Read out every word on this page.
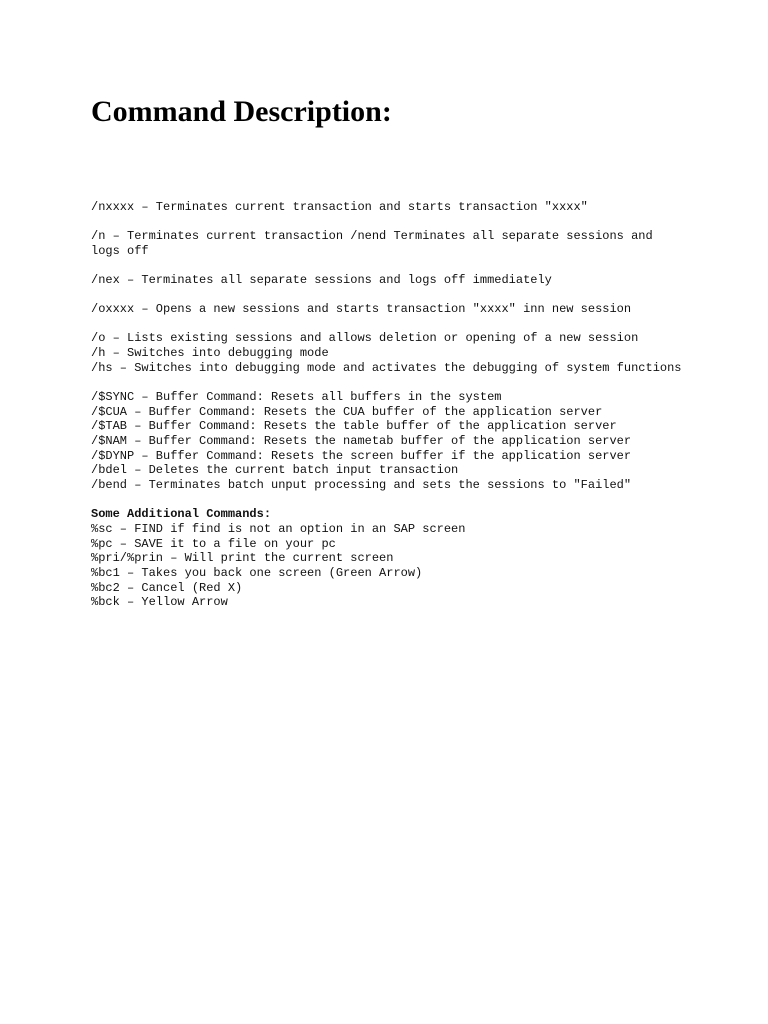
Command Description:

/nxxxx – Terminates current transaction and starts transaction "xxxx"

/n – Terminates current transaction /nend Terminates all separate sessions and logs off

/nex – Terminates all separate sessions and logs off immediately

/oxxxx – Opens a new sessions and starts transaction "xxxx" inn new session

/o – Lists existing sessions and allows deletion or opening of a new session

/h – Switches into debugging mode

/hs – Switches into debugging mode and activates the debugging of system functions

/$SYNC – Buffer Command: Resets all buffers in the system

/$CUA – Buffer Command: Resets the CUA buffer of the application server

/$TAB – Buffer Command: Resets the table buffer of the application server

/$NAM – Buffer Command: Resets the nametab buffer of the application server

/$DYNP – Buffer Command: Resets the screen buffer if the application server

/bdel – Deletes the current batch input transaction

/bend – Terminates batch unput processing and sets the sessions to "Failed"

Some Additional Commands:

%sc – FIND if find is not an option in an SAP screen

%pc – SAVE it to a file on your pc

%pri/%prin – Will print the current screen

%bc1 – Takes you back one screen (Green Arrow)

%bc2 – Cancel (Red X)

%bck – Yellow Arrow
